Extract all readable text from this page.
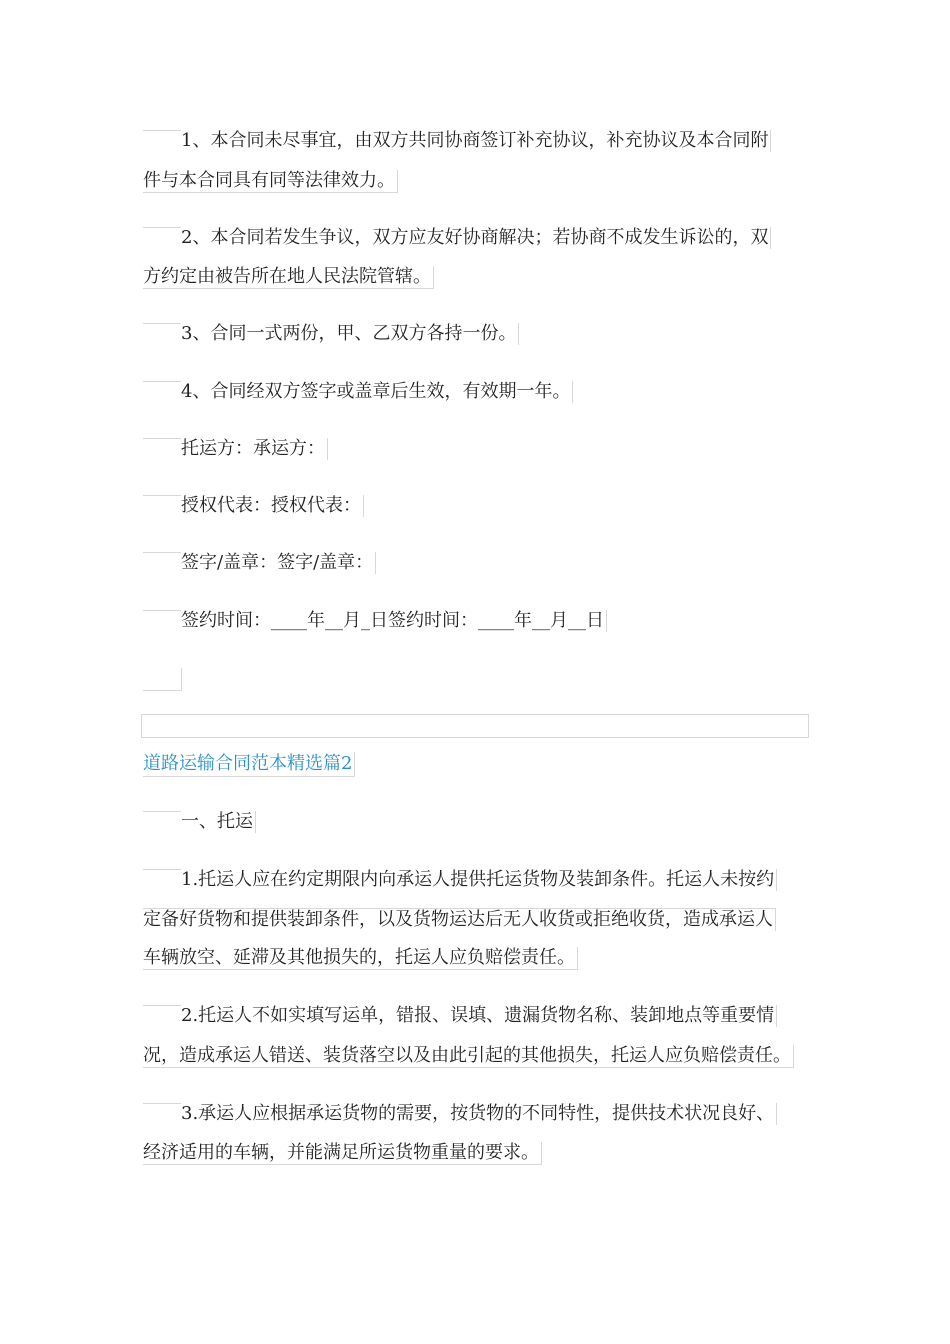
1、本合同未尽事宜，由双方共同协商签订补充协议，补充协议及本合同附
件与本合同具有同等法律效力。
2、本合同若发生争议，双方应友好协商解决；若协商不成发生诉讼的，双
方约定由被告所在地人民法院管辖。
3、合同一式两份，甲、乙双方各持一份。
4、合同经双方签字或盖章后生效，有效期一年。
托运方：承运方：
授权代表：授权代表：
签字/盖章：签字/盖章：
签约时间：____年__月_日签约时间：____年__月__日
道路运输合同范本精选篇2
一、托运
1.托运人应在约定期限内向承运人提供托运货物及装卸条件。托运人未按约
定备好货物和提供装卸条件，以及货物运达后无人收货或拒绝收货，造成承运人
车辆放空、延滞及其他损失的，托运人应负赔偿责任。
2.托运人不如实填写运单，错报、误填、遗漏货物名称、装卸地点等重要情
况，造成承运人错送、装货落空以及由此引起的其他损失，托运人应负赔偿责任。
3.承运人应根据承运货物的需要，按货物的不同特性，提供技术状况良好、
经济适用的车辆，并能满足所运货物重量的要求。
